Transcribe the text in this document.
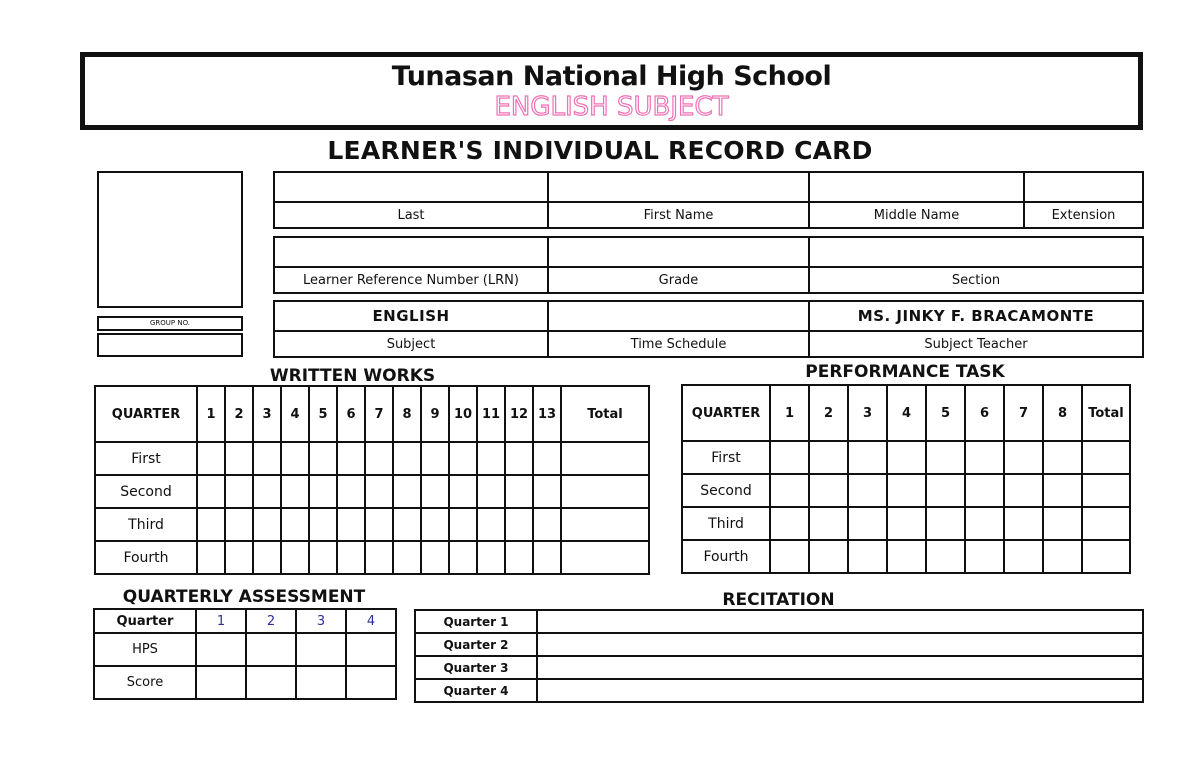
Tunasan National High School
ENGLISH SUBJECT
LEARNER'S INDIVIDUAL RECORD CARD
GROUP NO.

Last	First Name	Middle Name	Extension

Learner Reference Number (LRN)	Grade	Section
ENGLISH		MS. JINKY F. BRACAMONTE
Subject	Time Schedule	Subject Teacher
WRITTEN WORKS
QUARTER	1	2	3	4	5	6	7	8	9	10	11	12	13	Total
First														
Second														
Third														
Fourth														
PERFORMANCE TASK
QUARTER	1	2	3	4	5	6	7	8	Total
First									
Second									
Third									
Fourth									
QUARTERLY ASSESSMENT
Quarter	1	2	3	4
HPS				
Score				
RECITATION
Quarter 1	
Quarter 2	
Quarter 3	
Quarter 4	
